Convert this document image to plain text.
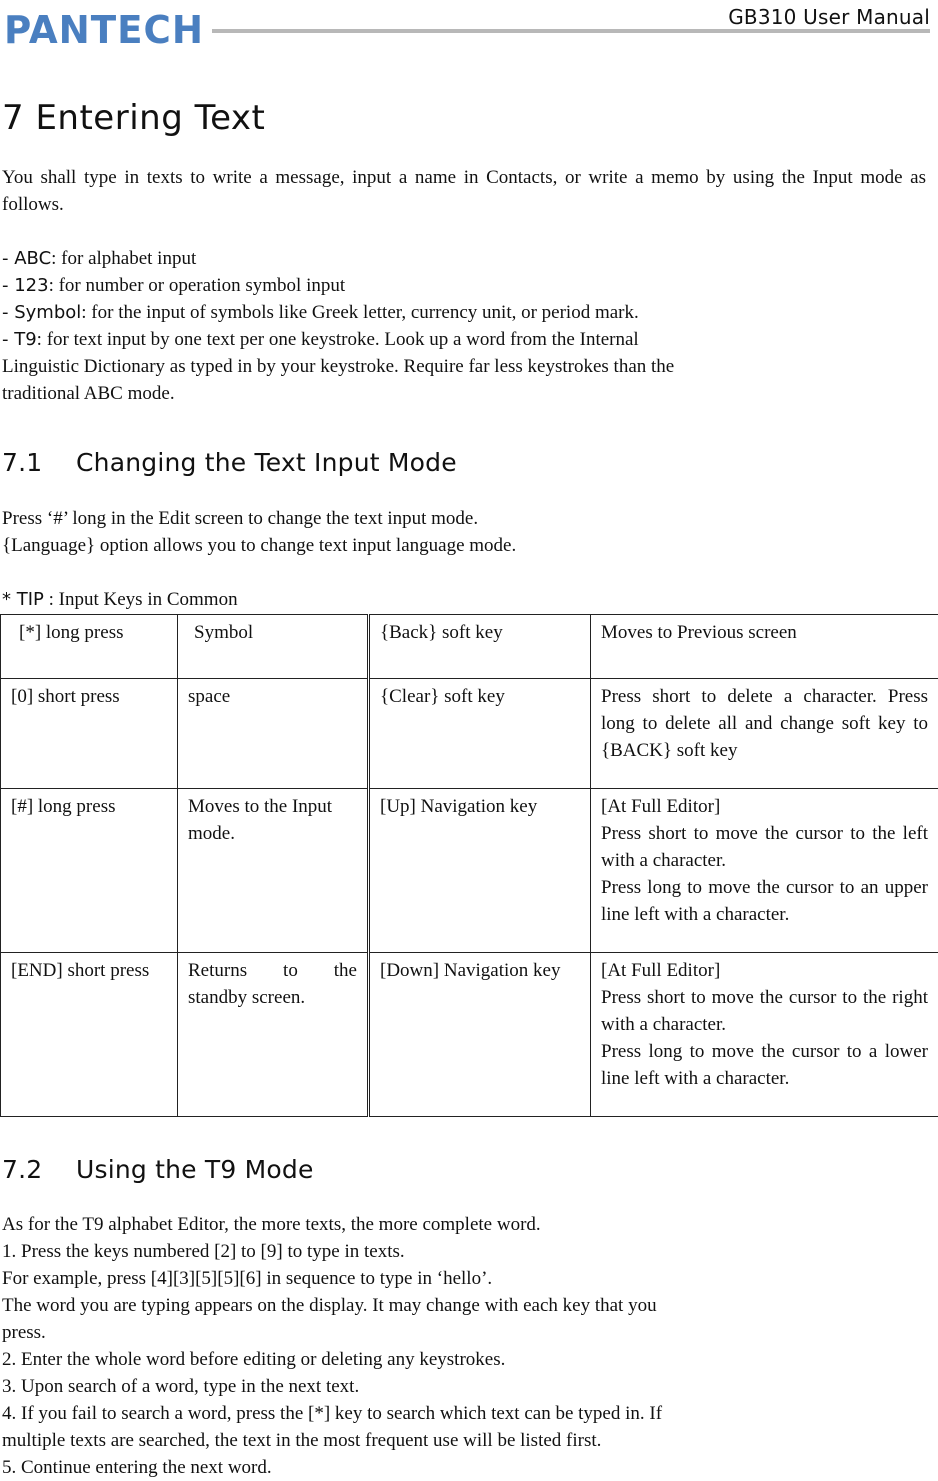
PANTECH	GB310 User Manual
7 Entering Text
You shall type in texts to write a message, input a name in Contacts, or write a memo by using the Input mode as follows.
- ABC: for alphabet input
- 123: for number or operation symbol input
- Symbol: for the input of symbols like Greek letter, currency unit, or period mark.
- T9: for text input by one text per one keystroke. Look up a word from the Internal
Linguistic Dictionary as typed in by your keystroke. Require far less keystrokes than the
traditional ABC mode.
7.1 Changing the Text Input Mode
Press ‘#’ long in the Edit screen to change the text input mode.
{Language} option allows you to change text input language mode.
* TIP : Input Keys in Common
[*] long press	Symbol	{Back} soft key	Moves to Previous screen
[0] short press	space	{Clear} soft key	Press short to delete a character. Press long to delete all and change soft key to {BACK} soft key
[#] long press	Moves to the Input mode.	[Up] Navigation key	[At Full Editor]
Press short to move the cursor to the left with a character.
Press long to move the cursor to an upper line left with a character.

[END] short press	Returns to the standby screen.	[Down] Navigation key	[At Full Editor]
Press short to move the cursor to the right with a character.
Press long to move the cursor to a lower line left with a character.
7.2 Using the T9 Mode
As for the T9 alphabet Editor, the more texts, the more complete word.
1. Press the keys numbered [2] to [9] to type in texts.
For example, press [4][3][5][5][6] in sequence to type in ‘hello’.
The word you are typing appears on the display. It may change with each key that you
press.
2. Enter the whole word before editing or deleting any keystrokes.
3. Upon search of a word, type in the next text.
4. If you fail to search a word, press the [*] key to search which text can be typed in. If
multiple texts are searched, the text in the most frequent use will be listed first.
5. Continue entering the next word.
